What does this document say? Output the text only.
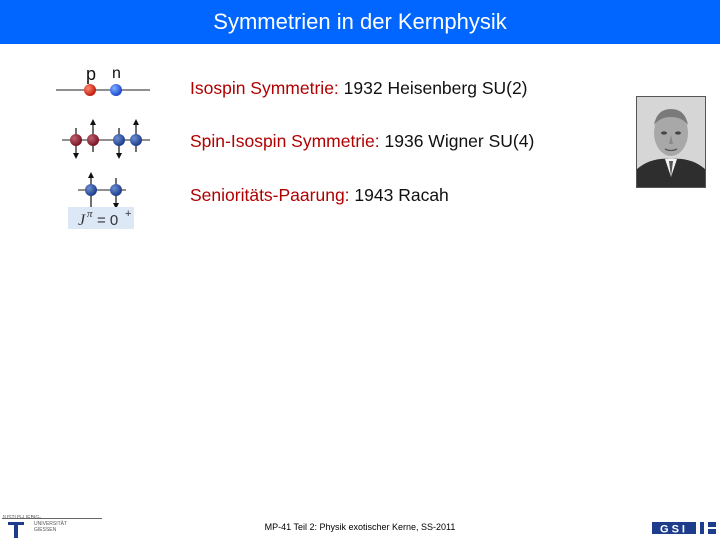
Symmetrien in der Kernphysik
p n
J π = 0 +
Isospin Symmetrie: 1932 Heisenberg SU(2)
Spin-Isospin Symmetrie: 1936 Wigner SU(4)
Senioritäts-Paarung: 1943 Racah
UNIVERSITÄT
GIESSEN	MP-41 Teil 2: Physik exotischer Kerne, SS-2011	GSI
